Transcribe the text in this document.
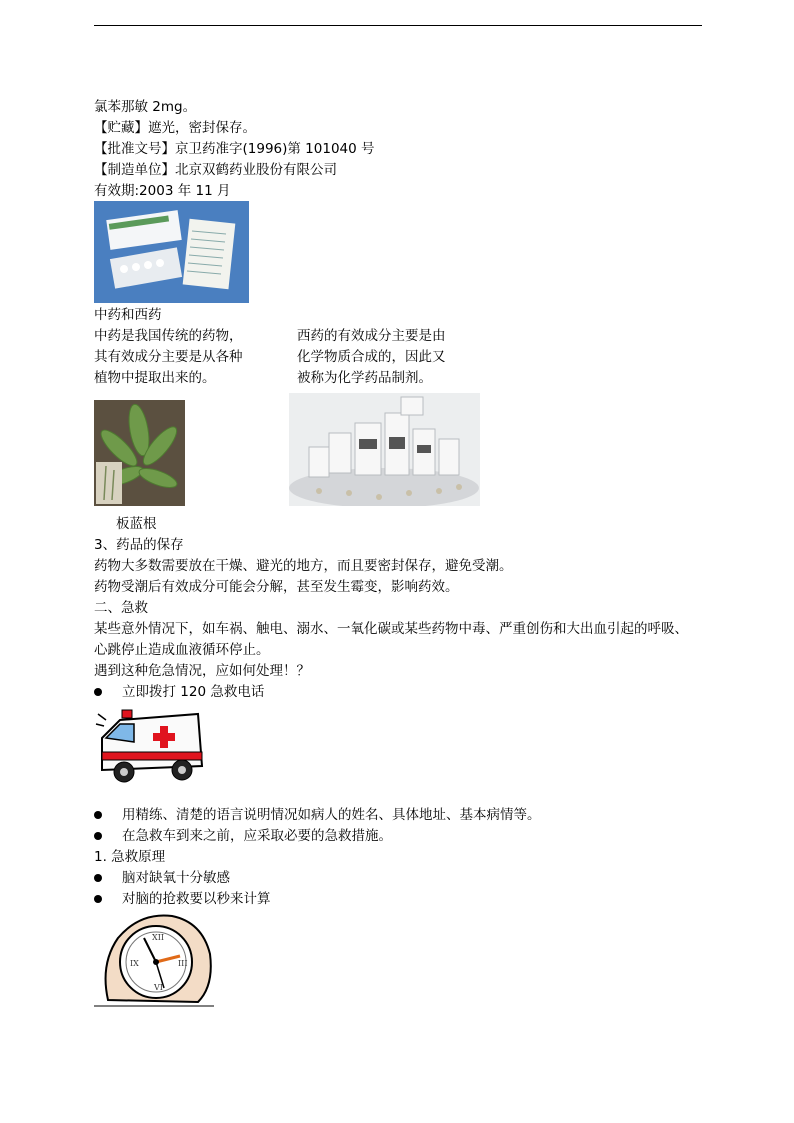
氯苯那敏 2mg。
【贮藏】遮光，密封保存。
【批准文号】京卫药准字(1996)第 101040 号
【制造单位】北京双鹤药业股份有限公司
有效期:2003 年 11 月
中药和西药
中药是我国传统的药物，
其有效成分主要是从各种
植物中提取出来的。
西药的有效成分主要是由
化学物质合成的，因此又
被称为化学药品制剂。
板蓝根
3、药品的保存
药物大多数需要放在干燥、避光的地方，而且要密封保存，避免受潮。
药物受潮后有效成分可能会分解，甚至发生霉变，影响药效。
二、急救
某些意外情况下，如车祸、触电、溺水、一氧化碳或某些药物中毒、严重创伤和大出血引起的呼吸、
心跳停止造成血液循环停止。
遇到这种危急情况，应如何处理！？
立即拨打 120 急救电话
用精练、清楚的语言说明情况如病人的姓名、具体地址、基本病情等。
在急救车到来之前，应采取必要的急救措施。
1. 急救原理
脑对缺氧十分敏感
对脑的抢救要以秒来计算
XII
III
VI
IX
